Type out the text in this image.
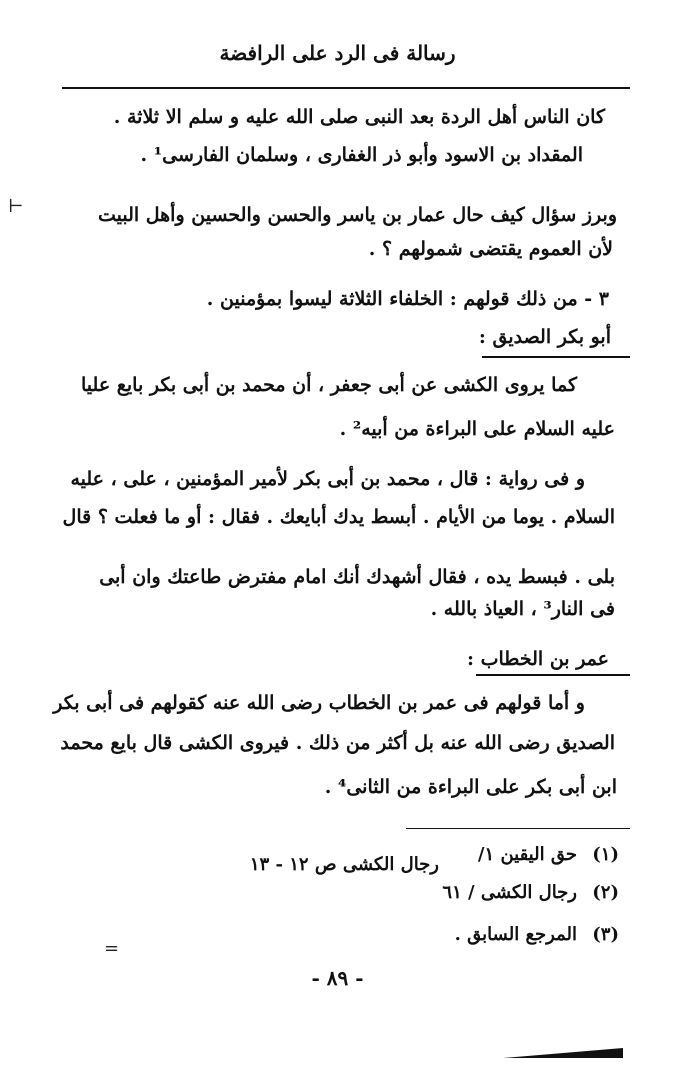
رسالة فى الرد على الرافضة
كان الناس أهل الردة بعد النبى صلى الله عليه و سلم الا ثلاثة .
المقداد بن الاسود وأبو ذر الغفارى ، وسلمان الفارسى¹ .
وبرز سؤال كيف حال عمار بن ياسر والحسن والحسين وأهل البيت
لأن العموم يقتضى شمولهم ؟ .
٣ - من ذلك قولهم : الخلفاء الثلاثة ليسوا بمؤمنين .
⊢
أبو بكر الصديق :
كما يروى الكشى عن أبى جعفر ، أن محمد بن أبى بكر بايع عليا
عليه السلام على البراءة من أبيه² .
و فى رواية : قال ، محمد بن أبى بكر لأمير المؤمنين ، على ، عليه
السلام . يوما من الأيام . أبسط يدك أبايعك . فقال : أو ما فعلت ؟ قال
بلى . فبسط يده ، فقال أشهدك أنك امام مفترض طاعتك وان أبى
فى النار³ ، العياذ بالله .
عمر بن الخطاب :
و أما قولهم فى عمر بن الخطاب رضى الله عنه كقولهم فى أبى بكر
الصديق رضى الله عنه بل أكثر من ذلك . فيروى الكشى قال بايع محمد
ابن أبى بكر على البراءة من الثانى⁴ .
(١)
حق اليقين ١/
رجال الكشى ص ١٢ - ١٣
(٢)
رجال الكشى / ٦١
(٣)
المرجع السابق .
=
- ٨٩ -
